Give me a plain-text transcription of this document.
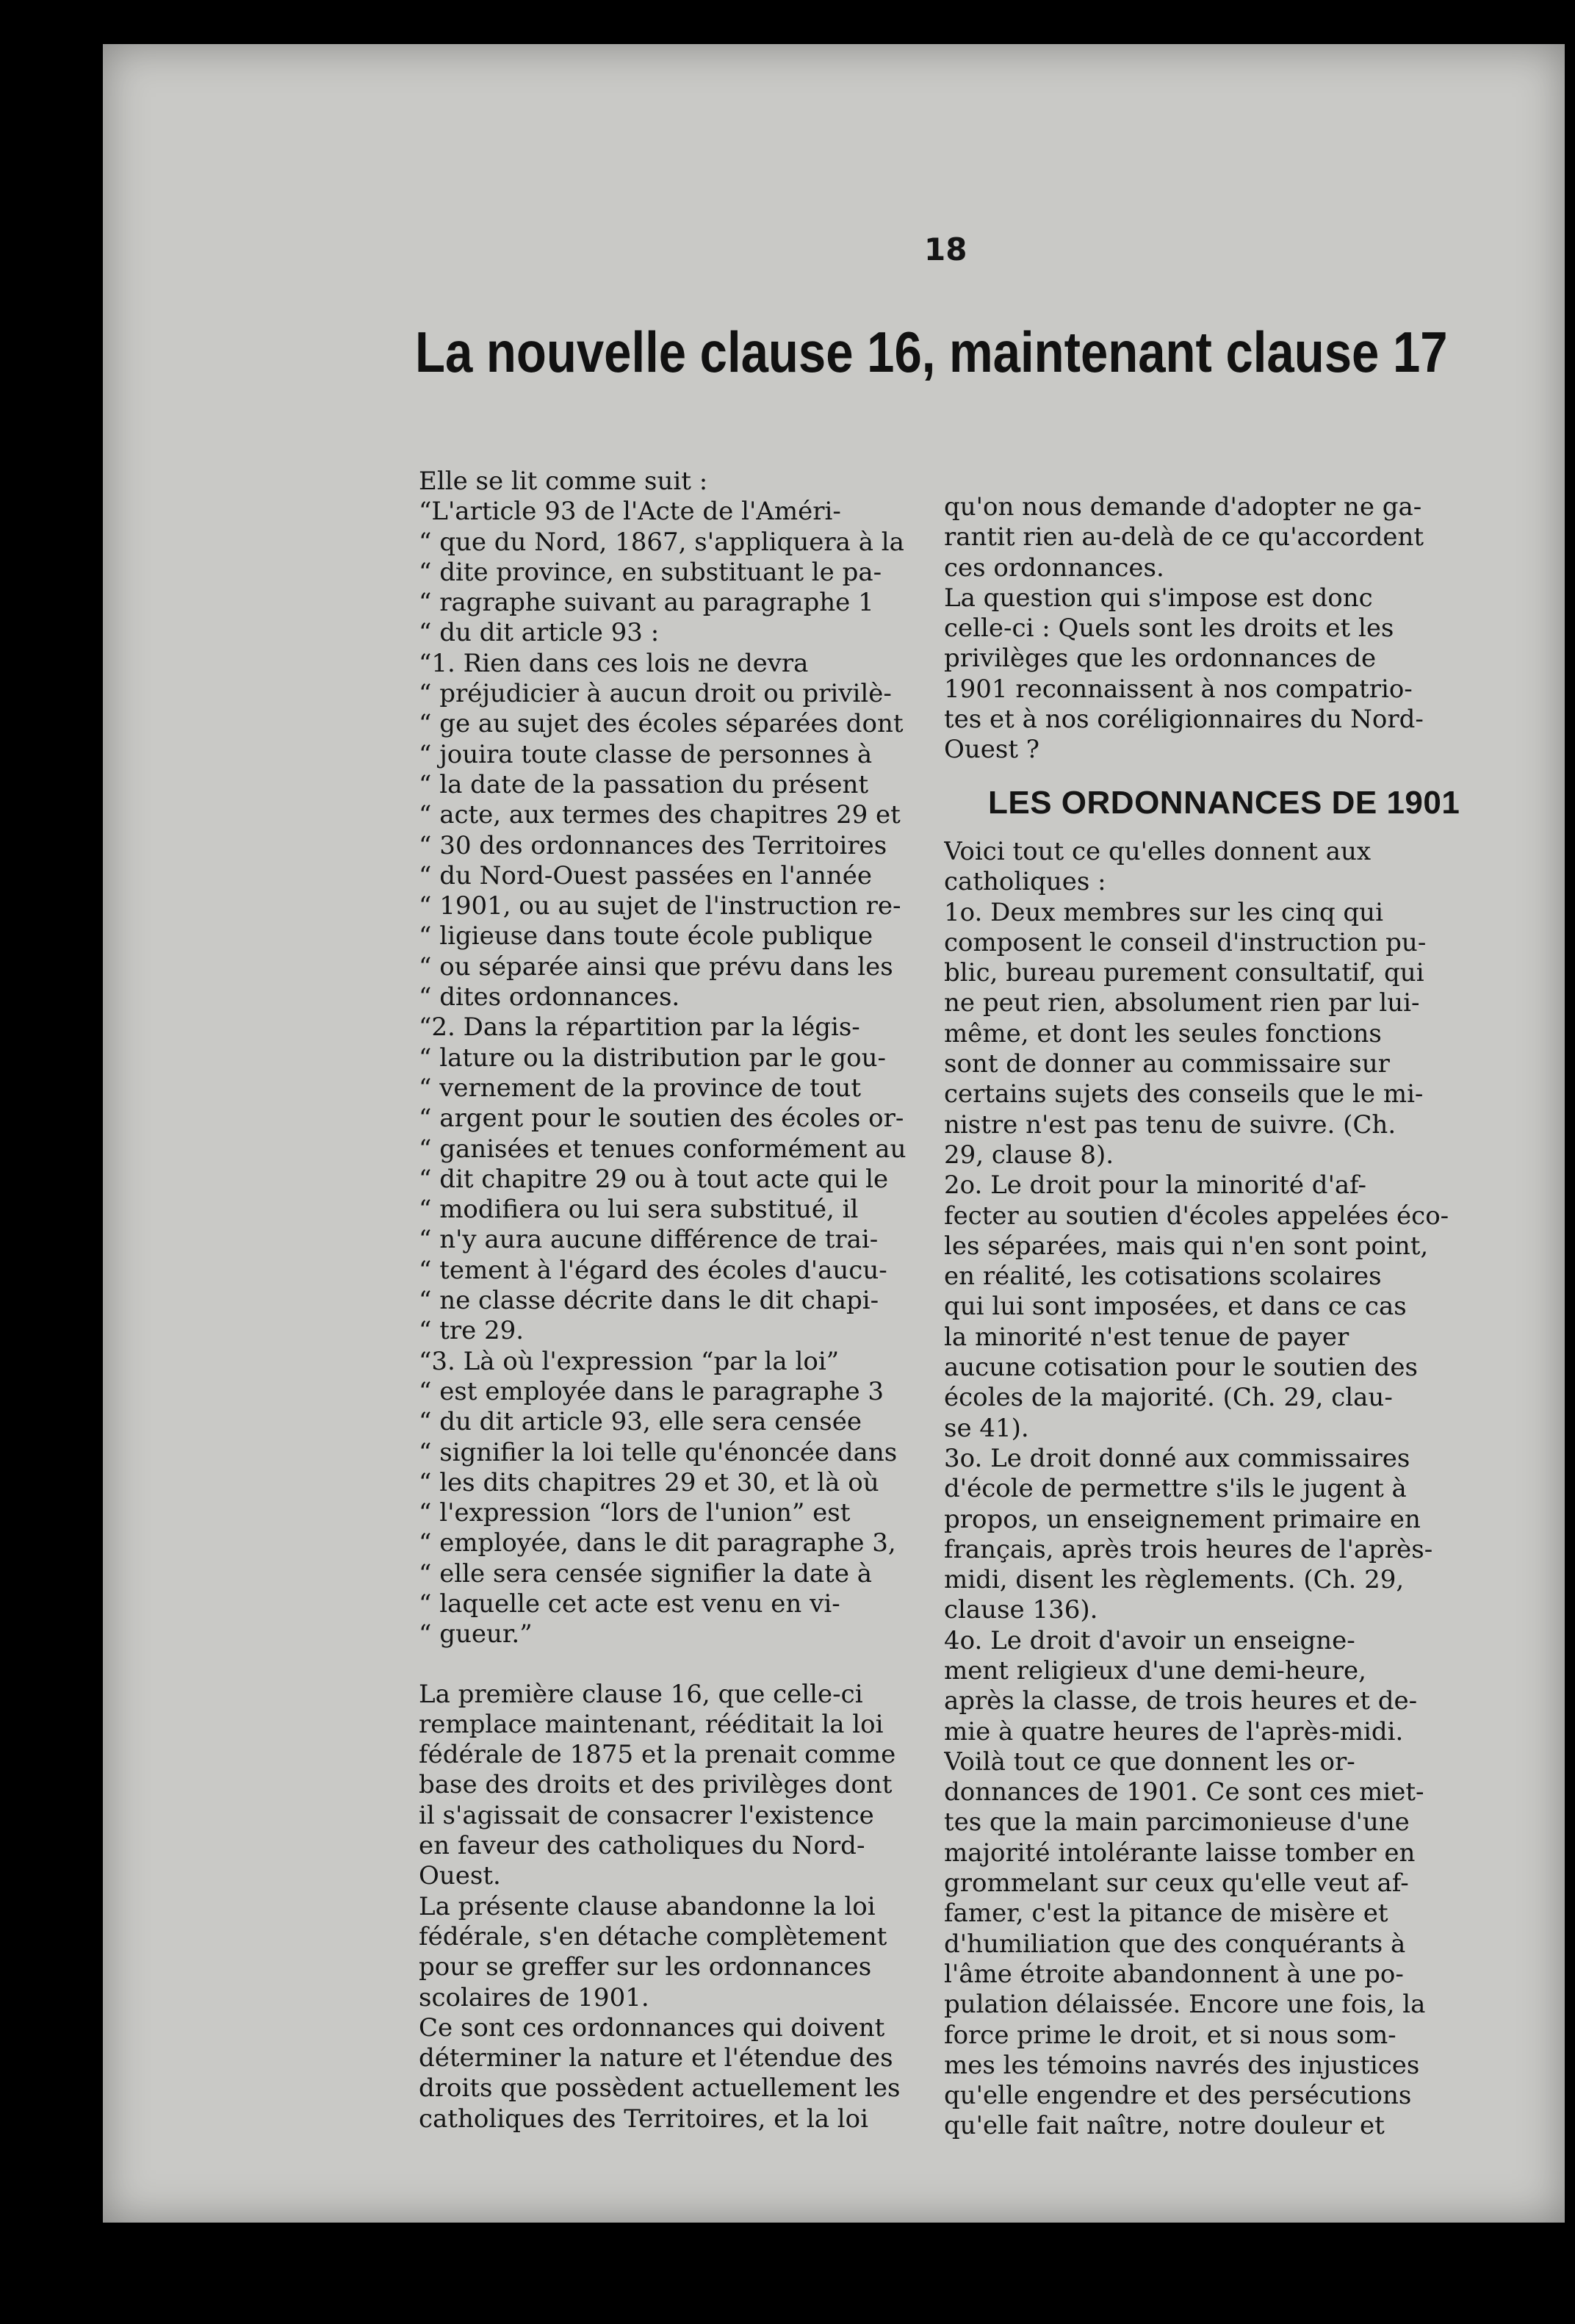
18
La nouvelle clause 16, maintenant clause 17
Elle se lit comme suit :
“L'article 93 de l'Acte de l'Améri-
“ que du Nord, 1867, s'appliquera à la
“ dite province, en substituant le pa-
“ ragraphe suivant au paragraphe 1
“ du dit article 93 :
“1. Rien dans ces lois ne devra
“ préjudicier à aucun droit ou privilè-
“ ge au sujet des écoles séparées dont
“ jouira toute classe de personnes à
“ la date de la passation du présent
“ acte, aux termes des chapitres 29 et
“ 30 des ordonnances des Territoires
“ du Nord-Ouest passées en l'année
“ 1901, ou au sujet de l'instruction re-
“ ligieuse dans toute école publique
“ ou séparée ainsi que prévu dans les
“ dites ordonnances.
“2. Dans la répartition par la légis-
“ lature ou la distribution par le gou-
“ vernement de la province de tout
“ argent pour le soutien des écoles or-
“ ganisées et tenues conformément au
“ dit chapitre 29 ou à tout acte qui le
“ modifiera ou lui sera substitué, il
“ n'y aura aucune différence de trai-
“ tement à l'égard des écoles d'aucu-
“ ne classe décrite dans le dit chapi-
“ tre 29.
“3. Là où l'expression “par la loi”
“ est employée dans le paragraphe 3
“ du dit article 93, elle sera censée
“ signifier la loi telle qu'énoncée dans
“ les dits chapitres 29 et 30, et là où
“ l'expression “lors de l'union” est
“ employée, dans le dit paragraphe 3,
“ elle sera censée signifier la date à
“ laquelle cet acte est venu en vi-
“ gueur.”
La première clause 16, que celle-ci
remplace maintenant, rééditait la loi
fédérale de 1875 et la prenait comme
base des droits et des privilèges dont
il s'agissait de consacrer l'existence
en faveur des catholiques du Nord-
Ouest.
La présente clause abandonne la loi
fédérale, s'en détache complètement
pour se greffer sur les ordonnances
scolaires de 1901.
Ce sont ces ordonnances qui doivent
déterminer la nature et l'étendue des
droits que possèdent actuellement les
catholiques des Territoires, et la loi
qu'on nous demande d'adopter ne ga-
rantit rien au-delà de ce qu'accordent
ces ordonnances.
La question qui s'impose est donc
celle-ci : Quels sont les droits et les
privilèges que les ordonnances de
1901 reconnaissent à nos compatrio-
tes et à nos coréligionnaires du Nord-
Ouest ?

LES ORDONNANCES DE 1901

Voici tout ce qu'elles donnent aux
catholiques :
1o. Deux membres sur les cinq qui
composent le conseil d'instruction pu-
blic, bureau purement consultatif, qui
ne peut rien, absolument rien par lui-
même, et dont les seules fonctions
sont de donner au commissaire sur
certains sujets des conseils que le mi-
nistre n'est pas tenu de suivre. (Ch.
29, clause 8).
2o. Le droit pour la minorité d'af-
fecter au soutien d'écoles appelées éco-
les séparées, mais qui n'en sont point,
en réalité, les cotisations scolaires
qui lui sont imposées, et dans ce cas
la minorité n'est tenue de payer
aucune cotisation pour le soutien des
écoles de la majorité. (Ch. 29, clau-
se 41).
3o. Le droit donné aux commissaires
d'école de permettre s'ils le jugent à
propos, un enseignement primaire en
français, après trois heures de l'après-
midi, disent les règlements. (Ch. 29,
clause 136).
4o. Le droit d'avoir un enseigne-
ment religieux d'une demi-heure,
après la classe, de trois heures et de-
mie à quatre heures de l'après-midi.
Voilà tout ce que donnent les or-
donnances de 1901. Ce sont ces miet-
tes que la main parcimonieuse d'une
majorité intolérante laisse tomber en
grommelant sur ceux qu'elle veut af-
famer, c'est la pitance de misère et
d'humiliation que des conquérants à
l'âme étroite abandonnent à une po-
pulation délaissée. Encore une fois, la
force prime le droit, et si nous som-
mes les témoins navrés des injustices
qu'elle engendre et des persécutions
qu'elle fait naître, notre douleur et
